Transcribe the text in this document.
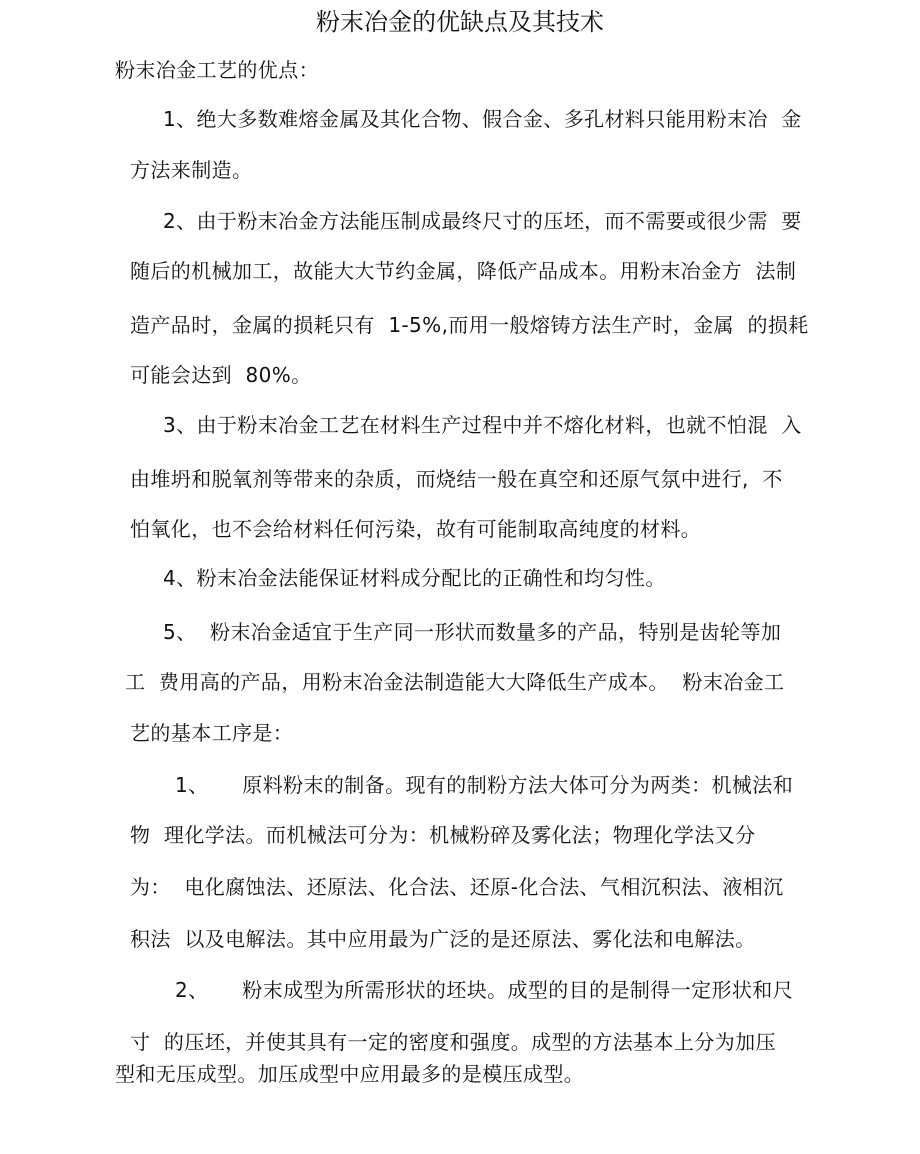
粉末冶金的优缺点及其技术
粉末冶金工艺的优点：
1、绝大多数难熔金属及其化合物、假合金、多孔材料只能用粉末冶  金
方法来制造。
2、由于粉末冶金方法能压制成最终尺寸的压坯，而不需要或很少需  要
随后的机械加工，故能大大节约金属，降低产品成本。用粉末冶金方  法制
造产品时，金属的损耗只有  1-5%,而用一般熔铸方法生产时，金属  的损耗
可能会达到  80%。
3、由于粉末冶金工艺在材料生产过程中并不熔化材料，也就不怕混  入
由堆坍和脱氧剂等带来的杂质，而烧结一般在真空和还原气氛中进行,  不
怕氧化，也不会给材料任何污染，故有可能制取高纯度的材料。
4、粉末冶金法能保证材料成分配比的正确性和均匀性。
5、  粉末冶金适宜于生产同一形状而数量多的产品，特别是齿轮等加
工  费用高的产品，用粉末冶金法制造能大大降低生产成本。  粉末冶金工
艺的基本工序是：
1、     原料粉末的制备。现有的制粉方法大体可分为两类：机械法和
物  理化学法。而机械法可分为：机械粉碎及雾化法；物理化学法又分
为：  电化腐蚀法、还原法、化合法、还原-化合法、气相沉积法、液相沉
积法  以及电解法。其中应用最为广泛的是还原法、雾化法和电解法。
2、     粉末成型为所需形状的坯块。成型的目的是制得一定形状和尺
寸  的压坯，并使其具有一定的密度和强度。成型的方法基本上分为加压
型和无压成型。加压成型中应用最多的是模压成型。
